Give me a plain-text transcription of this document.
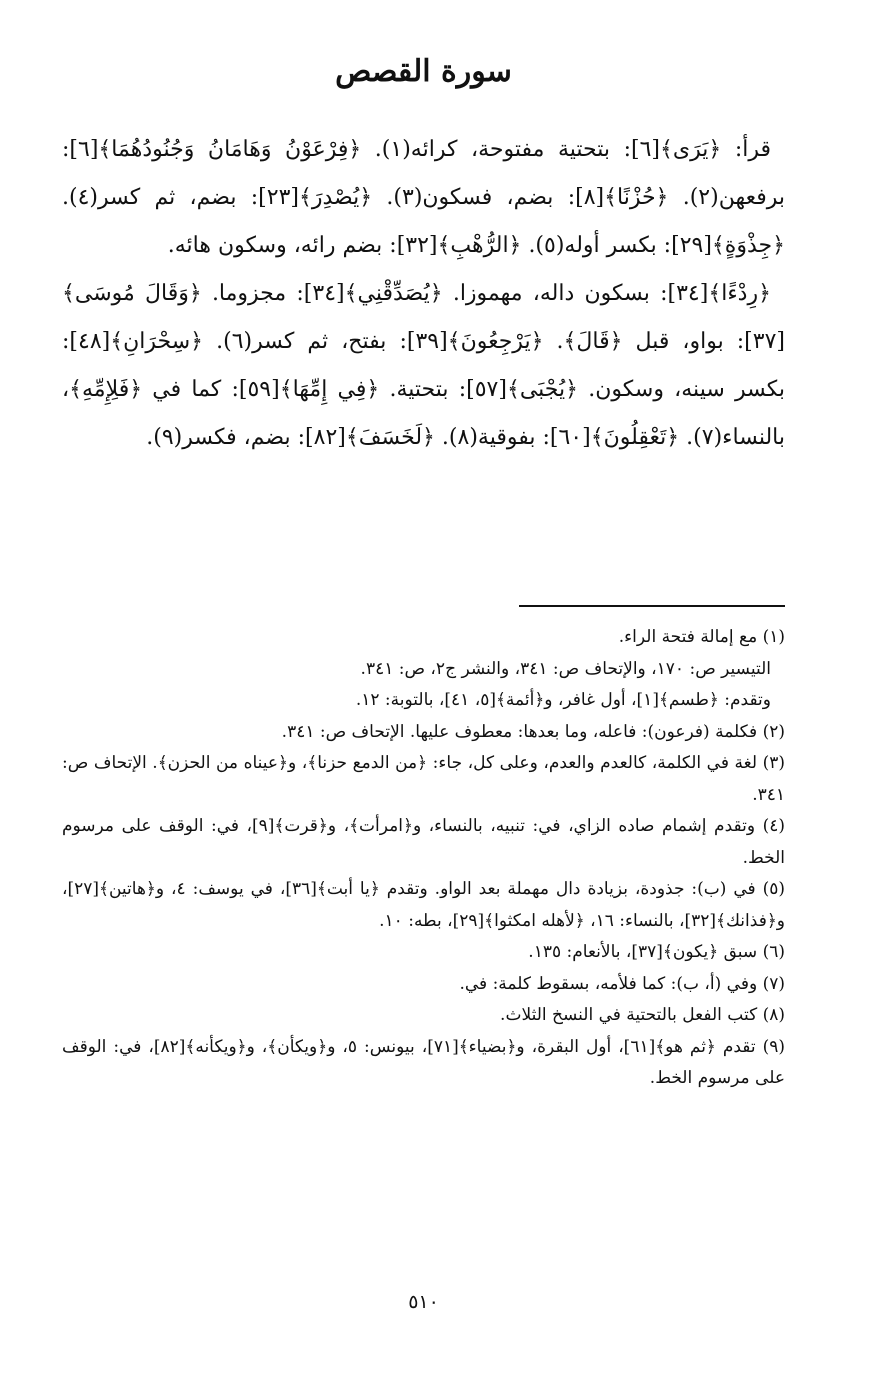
سورة القصص

قرأ: ﴿يَرَى﴾[٦]: بتحتية مفتوحة، كرائه(١). ﴿فِرْعَوْنُ وَهَامَانُ وَجُنُودُهُمَا﴾[٦]: برفعهن(٢). ﴿حُزْنًا﴾[٨]: بضم، فسكون(٣). ﴿يُصْدِرَ﴾[٢٣]: بضم، ثم كسر(٤). ﴿جِذْوَةٍ﴾[٢٩]: بكسر أوله(٥). ﴿الرُّهْبِ﴾[٣٢]: بضم رائه، وسكون هائه.

﴿رِدْءًا﴾[٣٤]: بسكون داله، مهموزا. ﴿يُصَدِّقْنِي﴾[٣٤]: مجزوما. ﴿وَقَالَ مُوسَى﴾[٣٧]: بواو، قبل ﴿قَالَ﴾. ﴿يَرْجِعُونَ﴾[٣٩]: بفتح، ثم كسر(٦). ﴿سِحْرَانِ﴾[٤٨]: بكسر سينه، وسكون. ﴿يُجْبَى﴾[٥٧]: بتحتية. ﴿فِي إِمِّهَا﴾[٥٩]: كما في ﴿فَلِإِمِّهِ﴾، بالنساء(٧). ﴿تَعْقِلُونَ﴾[٦٠]: بفوقية(٨). ﴿لَخَسَفَ﴾[٨٢]: بضم، فكسر(٩).

(١) مع إمالة فتحة الراء.

التيسير ص: ١٧٠، والإتحاف ص: ٣٤١، والنشر ج٢، ص: ٣٤١.

وتقدم: ﴿طسم﴾[١]، أول غافر، و﴿أئمة﴾[٥، ٤١]، بالتوبة: ١٢.

(٢) فكلمة (فرعون): فاعله، وما بعدها: معطوف عليها. الإتحاف ص: ٣٤١.

(٣) لغة في الكلمة، كالعدم والعدم، وعلى كل، جاء: ﴿من الدمع حزنا﴾، و﴿عيناه من الحزن﴾. الإتحاف ص: ٣٤١.

(٤) وتقدم إشمام صاده الزاي، في: تنبيه، بالنساء، و﴿امرأت﴾، و﴿قرت﴾[٩]، في: الوقف على مرسوم الخط.

(٥) في (ب): جذودة، بزيادة دال مهملة بعد الواو. وتقدم ﴿يا أبت﴾[٣٦]، في يوسف: ٤، و﴿هاتين﴾[٢٧]، و﴿فذانك﴾[٣٢]، بالنساء: ١٦، ﴿لأهله امكثوا﴾[٢٩]، بطه: ١٠.

(٦) سبق ﴿يكون﴾[٣٧]، بالأنعام: ١٣٥.

(٧) وفي (أ، ب): كما فلأمه، بسقوط كلمة: في.

(٨) كتب الفعل بالتحتية في النسخ الثلاث.

(٩) تقدم ﴿ثم هو﴾[٦١]، أول البقرة، و﴿بضياء﴾[٧١]، بيونس: ٥، و﴿ويكأن﴾، و﴿ويكأنه﴾[٨٢]، في: الوقف على مرسوم الخط.

٥١٠
